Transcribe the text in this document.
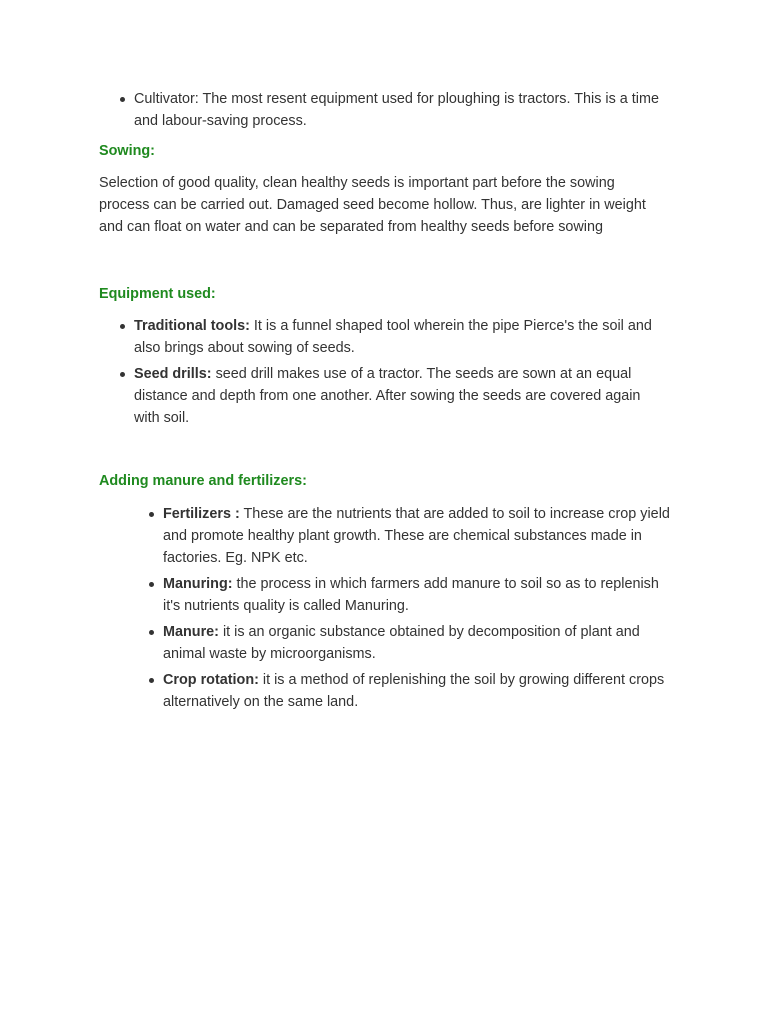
Cultivator: The most resent equipment used for ploughing is tractors. This is a time and labour-saving process.

Sowing:

Selection of good quality, clean healthy seeds is important part before the sowing process can be carried out. Damaged seed become hollow. Thus, are lighter in weight and can float on water and can be separated from healthy seeds before sowing

Equipment used:

Traditional tools: It is a funnel shaped tool wherein the pipe Pierce's the soil and also brings about sowing of seeds.
Seed drills: seed drill makes use of a tractor. The seeds are sown at an equal distance and depth from one another. After sowing the seeds are covered again with soil.

Adding manure and fertilizers:

Fertilizers : These are the nutrients that are added to soil to increase crop yield and promote healthy plant growth. These are chemical substances made in factories. Eg. NPK etc.
Manuring: the process in which farmers add manure to soil so as to replenish it's nutrients quality is called Manuring.
Manure: it is an organic substance obtained by decomposition of plant and animal waste by microorganisms.
Crop rotation: it is a method of replenishing the soil by growing different crops alternatively on the same land.
